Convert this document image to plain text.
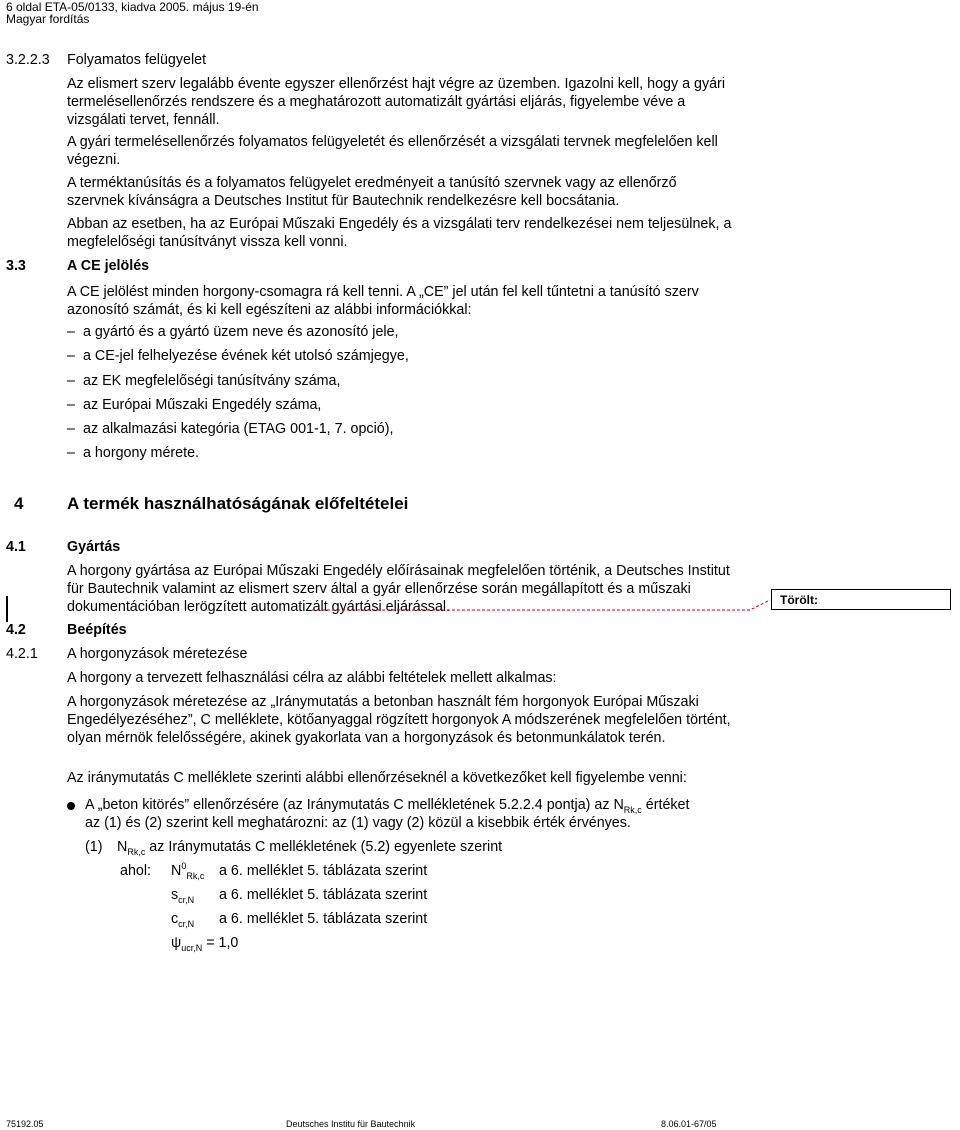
6 oldal ETA-05/0133, kiadva 2005. május 19-én
Magyar fordítás
3.2.2.3 Folyamatos felügyelet
Az elismert szerv legalább évente egyszer ellenőrzést hajt végre az üzemben. Igazolni kell, hogy a gyári termelésellenőrzés rendszere és a meghatározott automatizált gyártási eljárás, figyelembe véve a vizsgálati tervet, fennáll.
A gyári termelésellenőrzés folyamatos felügyeletét és ellenőrzését a vizsgálati tervnek megfelelően kell végezni.
A terméktanúsítás és a folyamatos felügyelet eredményeit a tanúsító szervnek vagy az ellenőrző szervnek kívánságra a Deutsches Institut für Bautechnik rendelkezésre kell bocsátania.
Abban az esetben, ha az Európai Műszaki Engedély és a vizsgálati terv rendelkezései nem teljesülnek, a megfelelőségi tanúsítványt vissza kell vonni.
3.3	A CE jelölés
A CE jelölést minden horgony-csomagra rá kell tenni. A „CE” jel után fel kell tűntetni a tanúsító szerv azonosító számát, és ki kell egészíteni az alábbi információkkal:
– a gyártó és a gyártó üzem neve és azonosító jele,
– a CE-jel felhelyezése évének két utolsó számjegye,
– az EK megfelelőségi tanúsítvány száma,
– az Európai Műszaki Engedély száma,
– az alkalmazási kategória (ETAG 001-1, 7. opció),
– a horgony mérete.
4	A termék használhatóságának előfeltételei
4.1	Gyártás
A horgony gyártása az Európai Műszaki Engedély előírásainak megfelelően történik, a Deutsches Institut für Bautechnik valamint az elismert szerv által a gyár ellenőrzése során megállapított és a műszaki dokumentációban lerögzített automatizált gyártási eljárással.	Törölt:
4.2	Beépítés
4.2.1 A horgonyzások méretezése
A horgony a tervezett felhasználási célra az alábbi feltételek mellett alkalmas:
A horgonyzások méretezése az „Iránymutatás a betonban használt fém horgonyok Európai Műszaki Engedélyezéséhez”, C melléklete, kötőanyaggal rögzített horgonyok A módszerének megfelelően történt, olyan mérnök felelősségére, akinek gyakorlata van a horgonyzások és betonmunkálatok terén.
Az iránymutatás C melléklete szerinti alábbi ellenőrzéseknél a következőket kell figyelembe venni:
A „beton kitörés” ellenőrzésére (az Iránymutatás C mellékletének 5.2.2.4 pontja) az $N_{Rk,c}$ értéket
az (1) és (2) szerint kell meghatározni: az (1) vagy (2) közül a kisebbik érték érvényes.
(1) $N_{Rk,c}$ az Iránymutatás C mellékletének (5.2) egyenlete szerint
ahol: $N^0_{Rk,c}$ a 6. melléklet 5. táblázata szerint
$s_{cr,N}$ a 6. melléklet 5. táblázata szerint
$c_{cr,N}$ a 6. melléklet 5. táblázata szerint
$\psi_{ucr,N} = 1,0$
75192.05	Deutsches Institu für Bautechnik	8.06.01-67/05
